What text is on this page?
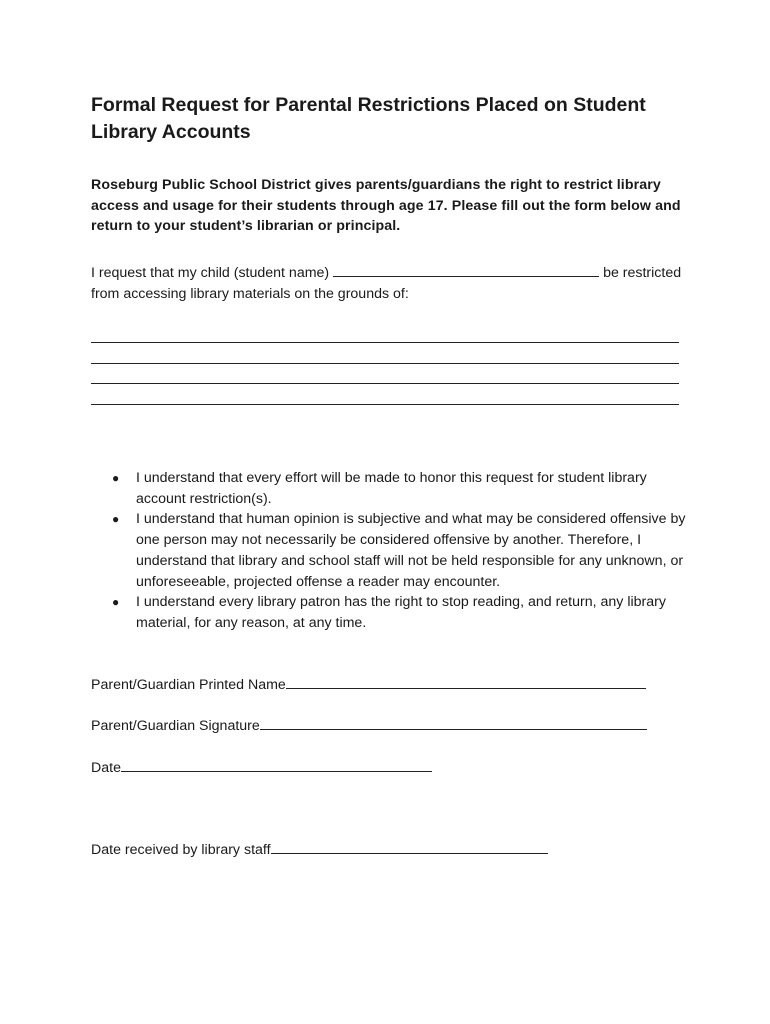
Formal Request for Parental Restrictions Placed on Student Library Accounts

Roseburg Public School District gives parents/guardians the right to restrict library access and usage for their students through age 17. Please fill out the form below and return to your student’s librarian or principal.

I request that my child (student name)	be restricted from accessing library materials on the grounds of:

● I understand that every effort will be made to honor this request for student library account restriction(s).
● I understand that human opinion is subjective and what may be considered offensive by one person may not necessarily be considered offensive by another. Therefore, I understand that library and school staff will not be held responsible for any unknown, or unforeseeable, projected offense a reader may encounter.
● I understand every library patron has the right to stop reading, and return, any library material, for any reason, at any time.
Parent/Guardian Printed Name
Parent/Guardian Signature
Date
Date received by library staff
